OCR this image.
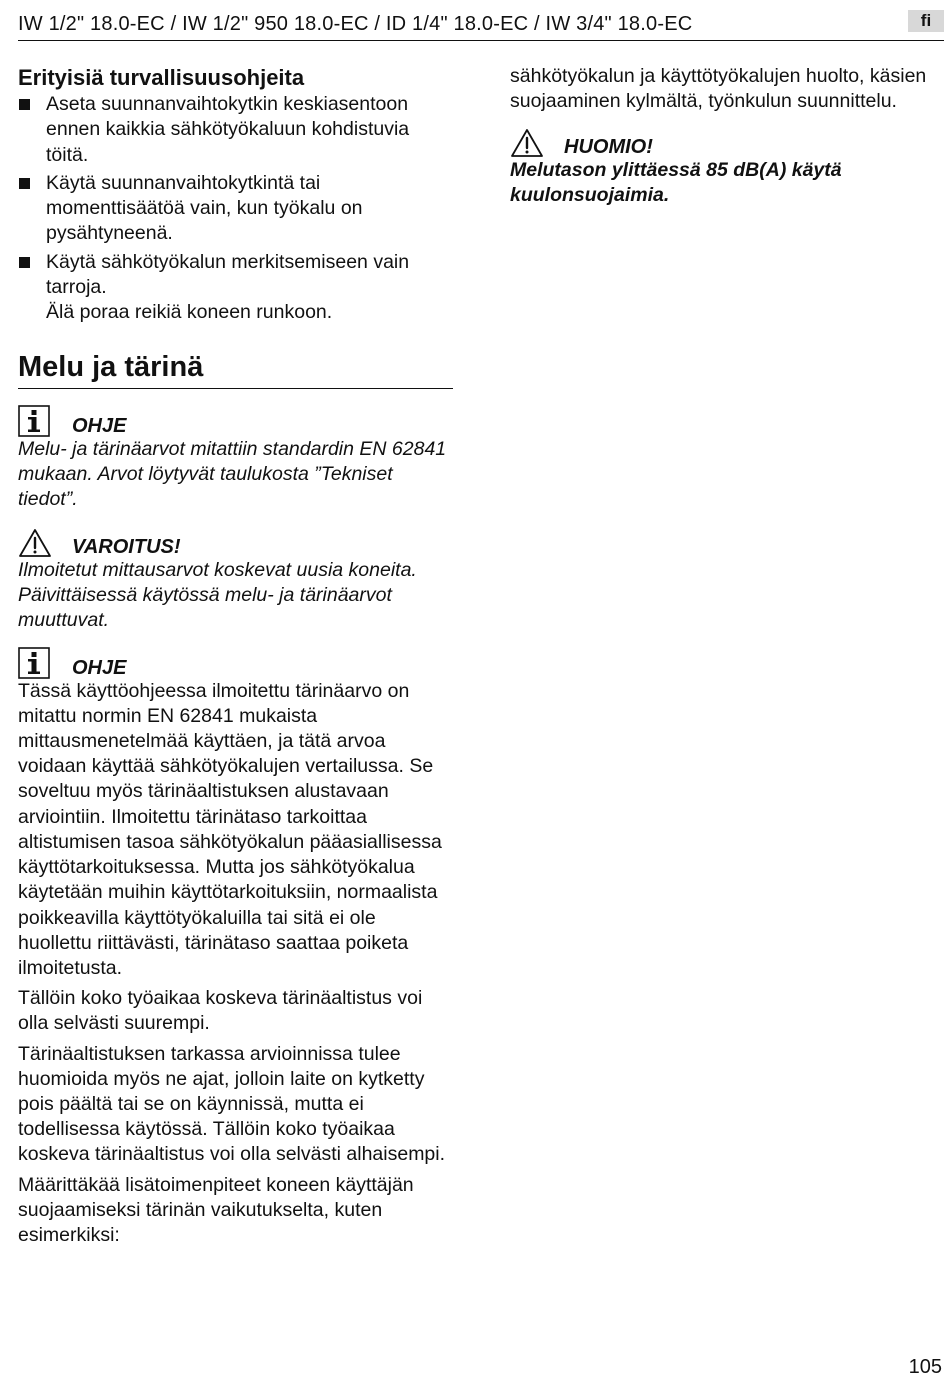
IW 1/2" 18.0-EC / IW 1/2" 950 18.0-EC / ID 1/4" 18.0-EC / IW 3/4" 18.0-EC	fi
Erityisiä turvallisuusohjeita
Aseta suunnanvaihtokytkin keskiasentoon ennen kaikkia sähkötyökaluun kohdistuvia töitä.
Käytä suunnanvaihtokytkintä tai momenttisäätöä vain, kun työkalu on pysähtyneenä.
Käytä sähkötyökalun merkitsemiseen vain tarroja.
Älä poraa reikiä koneen runkoon.
Melu ja tärinä
OHJE
Melu- ja tärinäarvot mitattiin standardin EN 62841 mukaan. Arvot löytyvät taulukosta ”Tekniset tiedot”.
VAROITUS!
Ilmoitetut mittausarvot koskevat uusia koneita. Päivittäisessä käytössä melu- ja tärinäarvot muuttuvat.
OHJE

Tässä käyttöohjeessa ilmoitettu tärinäarvo on mitattu normin EN 62841 mukaista mittausmenetelmää käyttäen, ja tätä arvoa voidaan käyttää sähkötyökalujen vertailussa. Se soveltuu myös tärinäaltistuksen alustavaan arviointiin. Ilmoitettu tärinätaso tarkoittaa altistumisen tasoa sähkötyökalun pääasiallisessa käyttötarkoituksessa. Mutta jos sähkötyökalua käytetään muihin käyttötarkoituksiin, normaalista poikkeavilla käyttötyökaluilla tai sitä ei ole huollettu riittävästi, tärinätaso saattaa poiketa ilmoitetusta.

Tällöin koko työaikaa koskeva tärinäaltistus voi olla selvästi suurempi.

Tärinäaltistuksen tarkassa arvioinnissa tulee huomioida myös ne ajat, jolloin laite on kytketty pois päältä tai se on käynnissä, mutta ei todellisessa käytössä. Tällöin koko työaikaa koskeva tärinäaltistus voi olla selvästi alhaisempi.

Määrittäkää lisätoimenpiteet koneen käyttäjän suojaamiseksi tärinän vaikutukselta, kuten esimerkiksi:

sähkötyökalun ja käyttötyökalujen huolto, käsien suojaaminen kylmältä, työnkulun suunnittelu.
HUOMIO!
Melutason ylittäessä 85 dB(A) käytä kuulonsuojaimia.
105
